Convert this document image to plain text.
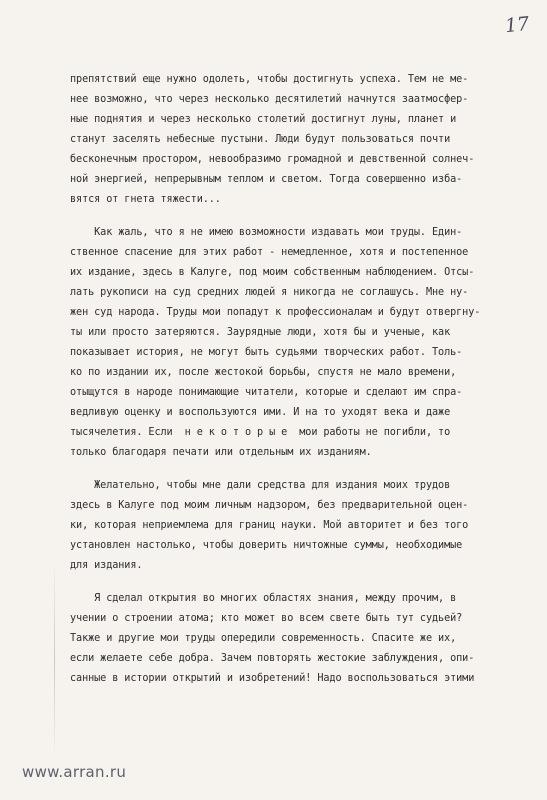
17
препятствий еще нужно одолеть, чтобы достигнуть успеха. Тем не ме-
нее возможно, что через несколько десятилетий начнутся заатмосфер-
ные поднятия и через несколько столетий достигнут луны, планет и
станут заселять небесные пустыни. Люди будут пользоваться почти
бесконечным простором, невообразимо громадной и девственной солнеч-
ной энергией, непрерывным теплом и светом. Тогда совершенно изба-
вятся от гнета тяжести...
Как жаль, что я не имею возможности издавать мои труды. Един-
ственное спасение для этих работ - немедленное, хотя и постепенное
их издание, здесь в Калуге, под моим собственным наблюдением. Отсы-
лать рукописи на суд средних людей я никогда не соглашусь. Мне ну-
жен суд народа. Труды мои попадут к профессионалам и будут отвергну-
ты или просто затеряются. Заурядные люди, хотя бы и ученые, как
показывает история, не могут быть судьями творческих работ. Толь-
ко по издании их, после жестокой борьбы, спустя не мало времени,
отыщутся в народе понимающие читатели, которые и сделают им спра-
ведливую оценку и воспользуются ими. И на то уходят века и даже
тысячелетия. Если  н е к о т о р ы е  мои работы не погибли, то
только благодаря печати или отдельным их изданиям.
Желательно, чтобы мне дали средства для издания моих трудов
здесь в Калуге под моим личным надзором, без предварительной оцен-
ки, которая неприемлема для границ науки. Мой авторитет и без того
установлен настолько, чтобы доверить ничтожные суммы, необходимые
для издания.
Я сделал открытия во многих областях знания, между прочим, в
учении о строении атома; кто может во всем свете быть тут судьей?
Также и другие мои труды опередили современность. Спасите же их,
если желаете себе добра. Зачем повторять жестокие заблуждения, опи-
санные в истории открытий и изобретений! Надо воспользоваться этими
www.arran.ru
